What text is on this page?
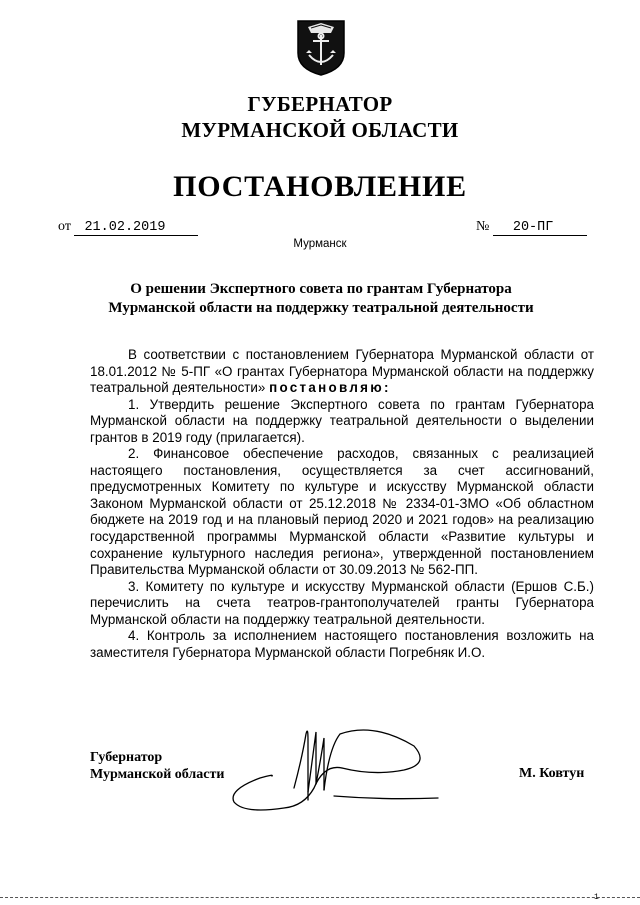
ГУБЕРНАТОР
МУРМАНСКОЙ ОБЛАСТИ
ПОСТАНОВЛЕНИЕ
от 21.02.2019	№ 20-ПГ
Мурманск
О решении Экспертного совета по грантам Губернатора
Мурманской области на поддержку театральной деятельности

В соответствии с постановлением Губернатора Мурманской области от 18.01.2012 № 5-ПГ «О грантах Губернатора Мурманской области на поддержку театральной деятельности» постановляю:

1. Утвердить решение Экспертного совета по грантам Губернатора Мурманской области на поддержку театральной деятельности о выделении грантов в 2019 году (прилагается).

2. Финансовое обеспечение расходов, связанных с реализацией настоящего постановления, осуществляется за счет ассигнований, предусмотренных Комитету по культуре и искусству Мурманской области Законом Мурманской области от 25.12.2018 № 2334-01-ЗМО «Об областном бюджете на 2019 год и на плановый период 2020 и 2021 годов» на реализацию государственной программы Мурманской области «Развитие культуры и сохранение культурного наследия региона», утвержденной постановлением Правительства Мурманской области от 30.09.2013 № 562-ПП.

3. Комитету по культуре и искусству Мурманской области (Ершов С.Б.) перечислить на счета театров-грантополучателей гранты Губернатора Мурманской области на поддержку театральной деятельности.

4. Контроль за исполнением настоящего постановления возложить на заместителя Губернатора Мурманской области Погребняк И.О.

Губернатор
Мурманской области	М. Ковтун
1
